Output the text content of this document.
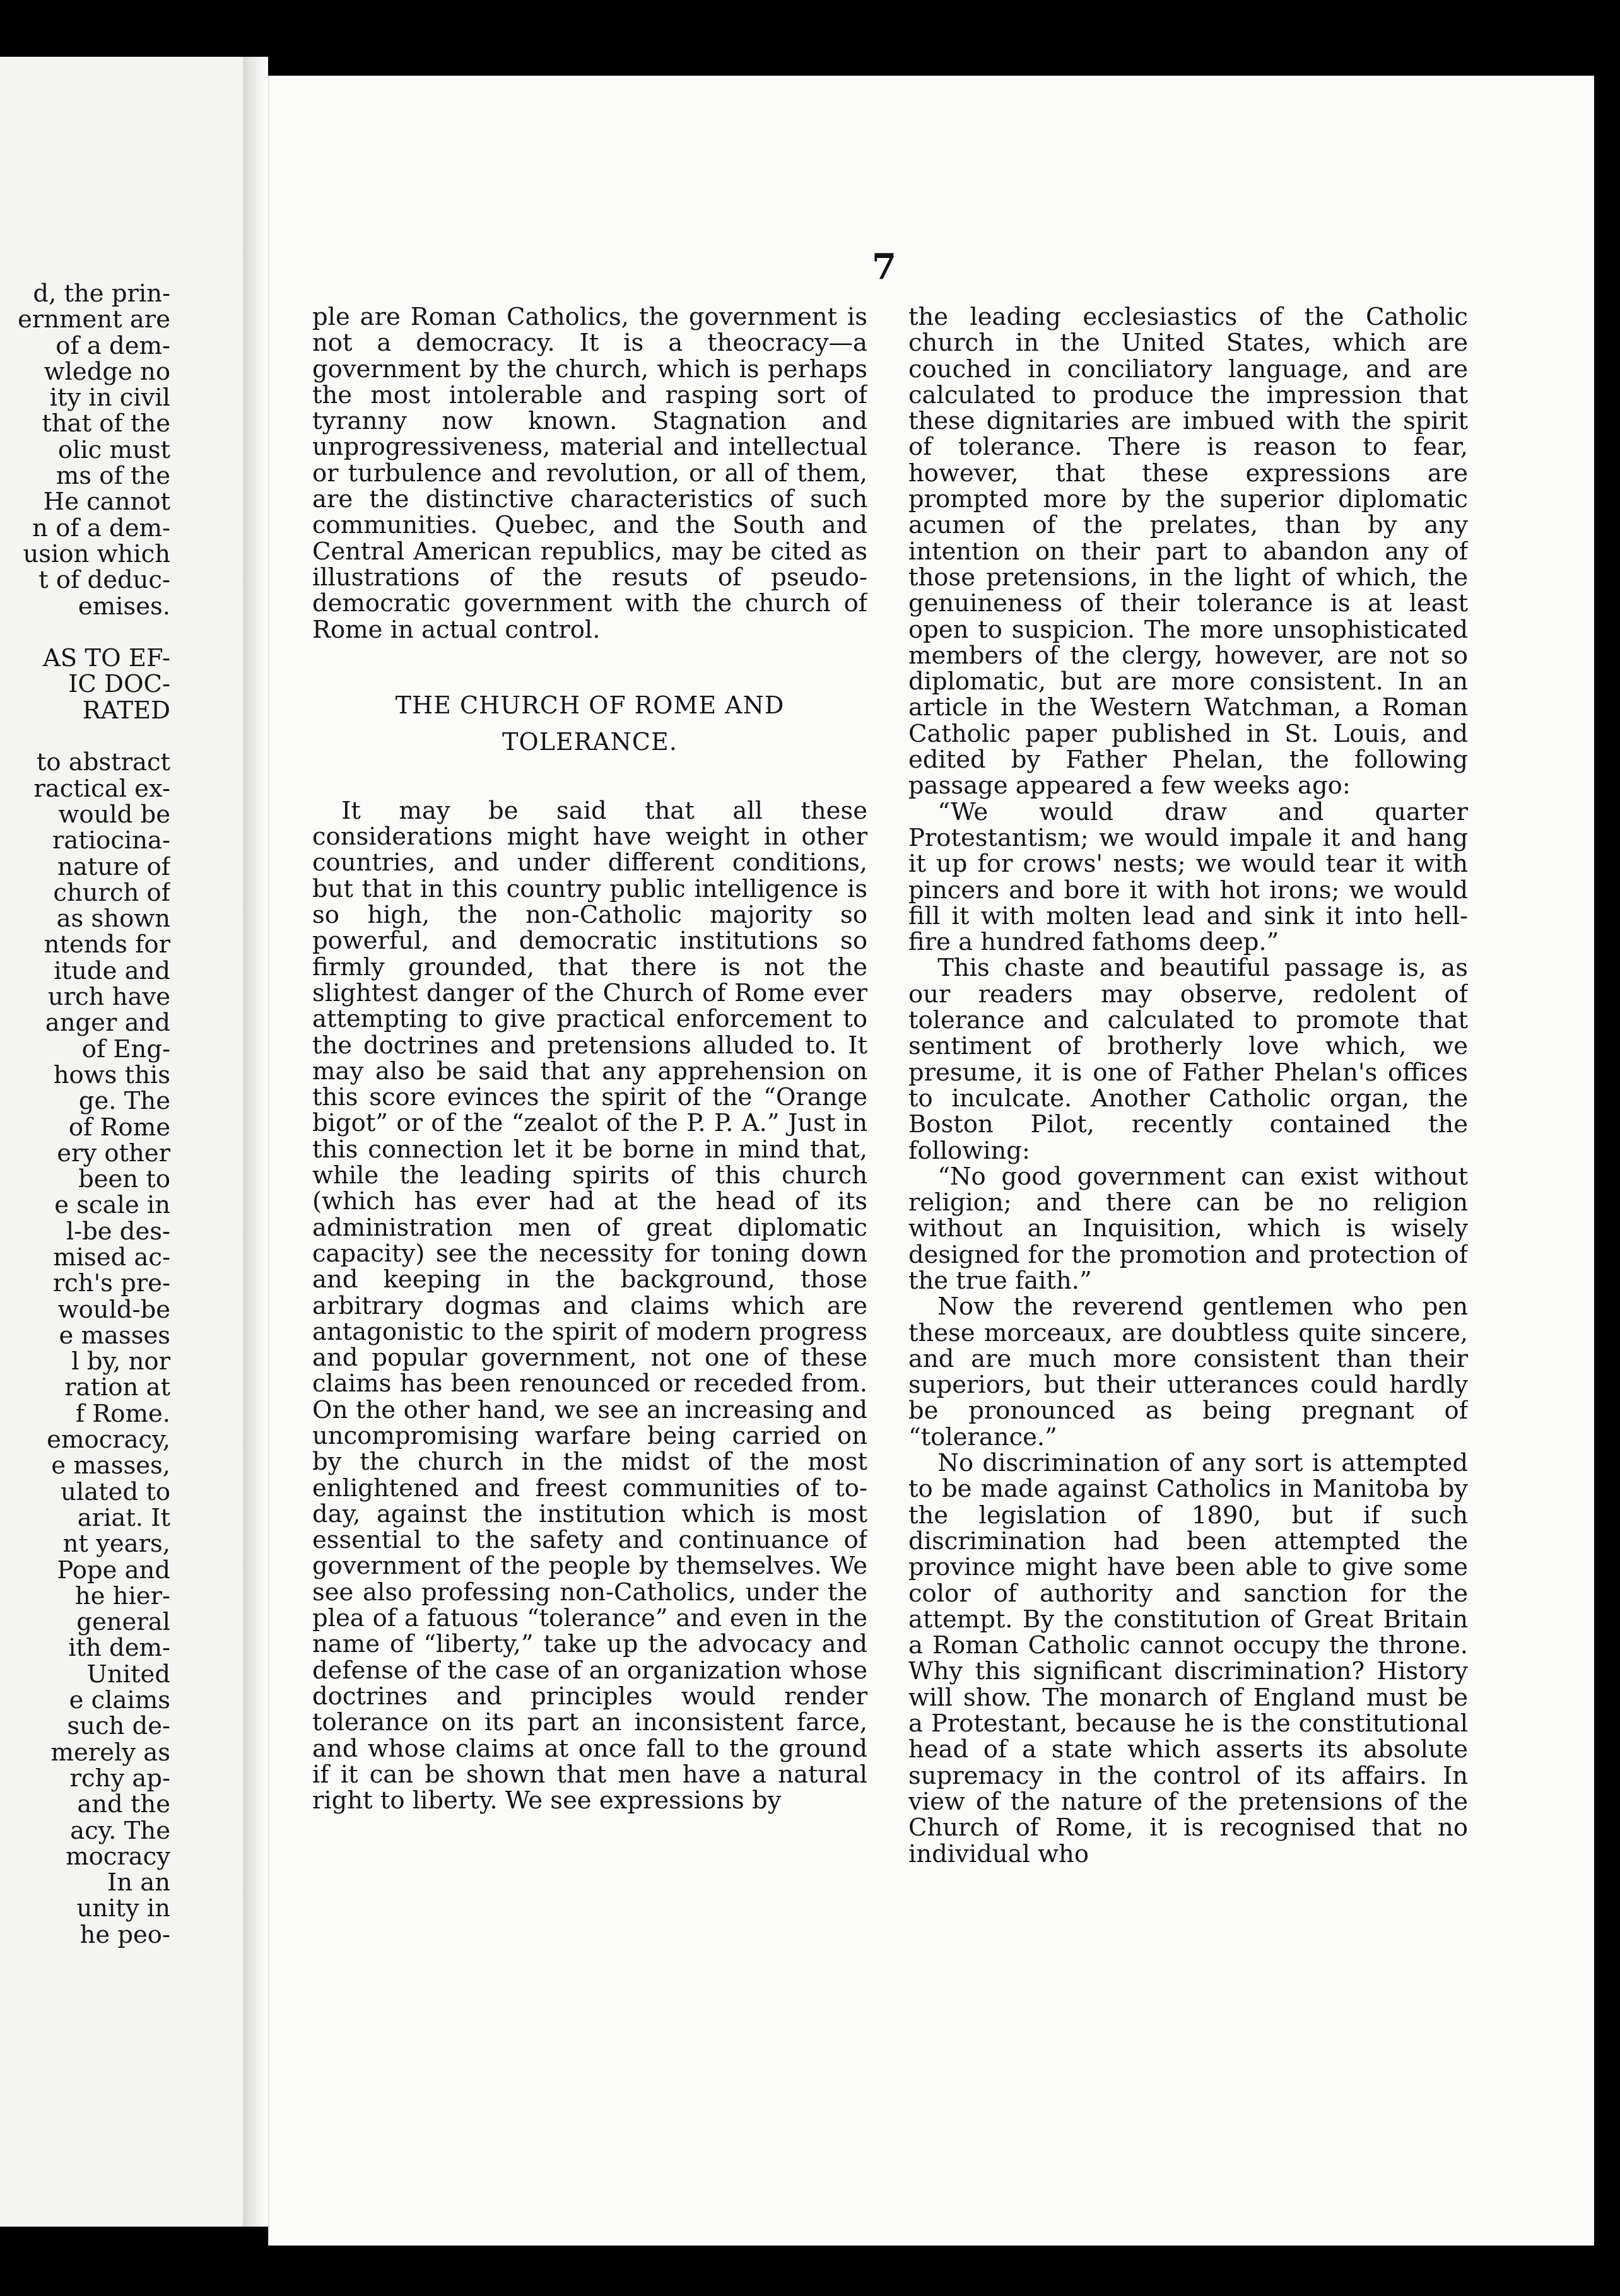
d, the prin-
ernment are
of a dem-
wledge no
ity in civil
that of the
olic must
ms of the
He cannot
n of a dem-
usion which
t of deduc-
emises.
AS TO EF-
IC DOC-
RATED
to abstract
ractical ex-
would be
ratiocina-
nature of
church of
as shown
ntends for
itude and
urch have
anger and
of Eng-
hows this
ge. The
of Rome
ery other
been to
e scale in
l-be des-
mised ac-
rch's pre-
would-be
e masses
l by, nor
ration at
f Rome.
emocracy,
e masses,
ulated to
ariat. It
nt years,
Pope and
he hier-
general
ith dem-
United
e claims
such de-
merely as
rchy ap-
and the
acy. The
mocracy
In an
unity in
he peo-
7

ple are Roman Catholics, the government is not a democracy. It is a theocracy—a government by the church, which is perhaps the most intolerable and rasping sort of tyranny now known. Stagnation and unprogressiveness, material and intellectual or turbulence and revolution, or all of them, are the distinctive characteristics of such communities. Quebec, and the South and Central American republics, may be cited as illustrations of the resuts of pseudo-democratic government with the church of Rome in actual control.

THE CHURCH OF ROME AND TOLERANCE.

It may be said that all these considerations might have weight in other countries, and under different conditions, but that in this country public intelligence is so high, the non-Catholic majority so powerful, and democratic institutions so firmly grounded, that there is not the slightest danger of the Church of Rome ever attempting to give practical enforcement to the doctrines and pretensions alluded to. It may also be said that any apprehension on this score evinces the spirit of the “Orange bigot” or of the “zealot of the P. P. A.” Just in this connection let it be borne in mind that, while the leading spirits of this church (which has ever had at the head of its administration men of great diplomatic capacity) see the necessity for toning down and keeping in the background, those arbitrary dogmas and claims which are antagonistic to the spirit of modern progress and popular government, not one of these claims has been renounced or receded from. On the other hand, we see an increasing and uncompromising warfare being carried on by the church in the midst of the most enlightened and freest communities of to-day, against the institution which is most essential to the safety and continuance of government of the people by themselves. We see also professing non-Catholics, under the plea of a fatuous “tolerance” and even in the name of “liberty,” take up the advocacy and defense of the case of an organization whose doctrines and principles would render tolerance on its part an inconsistent farce, and whose claims at once fall to the ground if it can be shown that men have a natural right to liberty. We see expressions by

the leading ecclesiastics of the Catholic church in the United States, which are couched in conciliatory language, and are calculated to produce the impression that these dignitaries are imbued with the spirit of tolerance. There is reason to fear, however, that these expressions are prompted more by the superior diplomatic acumen of the prelates, than by any intention on their part to abandon any of those pretensions, in the light of which, the genuineness of their tolerance is at least open to suspicion. The more unsophisticated members of the clergy, however, are not so diplomatic, but are more consistent. In an article in the Western Watchman, a Roman Catholic paper published in St. Louis, and edited by Father Phelan, the following passage appeared a few weeks ago:

“We would draw and quarter Protestantism; we would impale it and hang it up for crows' nests; we would tear it with pincers and bore it with hot irons; we would fill it with molten lead and sink it into hell-fire a hundred fathoms deep.”

This chaste and beautiful passage is, as our readers may observe, redolent of tolerance and calculated to promote that sentiment of brotherly love which, we presume, it is one of Father Phelan's offices to inculcate. Another Catholic organ, the Boston Pilot, recently contained the following:

“No good government can exist without religion; and there can be no religion without an Inquisition, which is wisely designed for the promotion and protection of the true faith.”

Now the reverend gentlemen who pen these morceaux, are doubtless quite sincere, and are much more consistent than their superiors, but their utterances could hardly be pronounced as being pregnant of “tolerance.”

No discrimination of any sort is attempted to be made against Catholics in Manitoba by the legislation of 1890, but if such discrimination had been attempted the province might have been able to give some color of authority and sanction for the attempt. By the constitution of Great Britain a Roman Catholic cannot occupy the throne. Why this significant discrimination? History will show. The monarch of England must be a Protestant, because he is the constitutional head of a state which asserts its absolute supremacy in the control of its affairs. In view of the nature of the pretensions of the Church of Rome, it is recognised that no individual who
